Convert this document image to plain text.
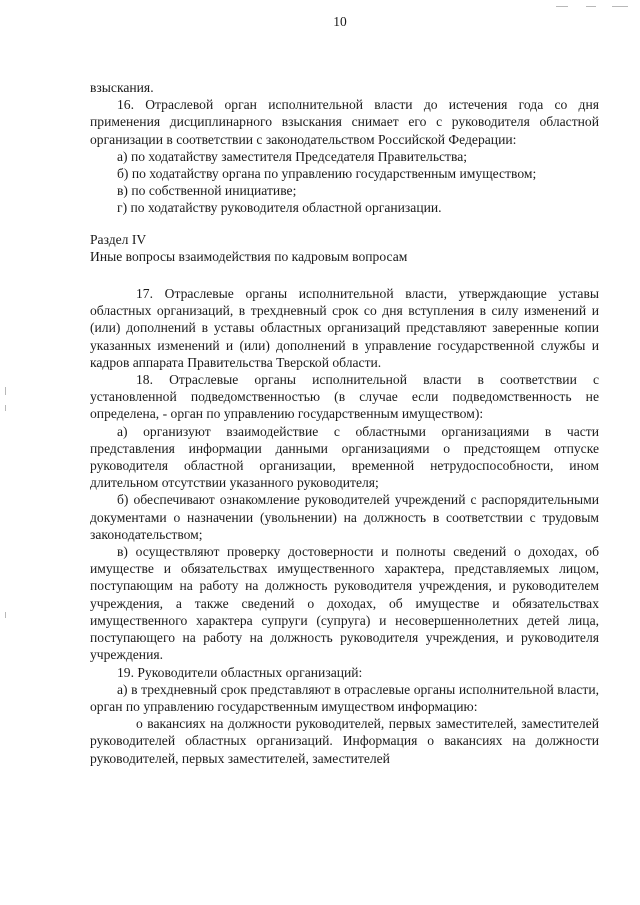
10

взыскания.

16. Отраслевой орган исполнительной власти до истечения года со дня применения дисциплинарного взыскания снимает его с руководителя областной организации в соответствии с законодательством Российской Федерации:

а) по ходатайству заместителя Председателя Правительства;

б) по ходатайству органа по управлению государственным имуществом;

в) по собственной инициативе;

г) по ходатайству руководителя областной организации.

Раздел IV

Иные вопросы взаимодействия по кадровым вопросам

17. Отраслевые органы исполнительной власти, утверждающие уставы областных организаций, в трехдневный срок со дня вступления в силу изменений и (или) дополнений в уставы областных организаций представляют заверенные копии указанных изменений и (или) дополнений в управление государственной службы и кадров аппарата Правительства Тверской области.

18. Отраслевые органы исполнительной власти в соответствии с установленной подведомственностью (в случае если подведомственность не определена, - орган по управлению государственным имуществом):

а) организуют взаимодействие с областными организациями в части представления информации данными организациями о предстоящем отпуске руководителя областной организации, временной нетрудоспособности, ином длительном отсутствии указанного руководителя;

б) обеспечивают ознакомление руководителей учреждений с распорядительными документами о назначении (увольнении) на должность в соответствии с трудовым законодательством;

в) осуществляют проверку достоверности и полноты сведений о доходах, об имуществе и обязательствах имущественного характера, представляемых лицом, поступающим на работу на должность руководителя учреждения, и руководителем учреждения, а также сведений о доходах, об имуществе и обязательствах имущественного характера супруги (супруга) и несовершеннолетних детей лица, поступающего на работу на должность руководителя учреждения, и руководителя учреждения.

19. Руководители областных организаций:

а) в трехдневный срок представляют в отраслевые органы исполнительной власти, орган по управлению государственным имуществом информацию:

о вакансиях на должности руководителей, первых заместителей, заместителей руководителей областных организаций. Информация о вакансиях на должности руководителей, первых заместителей, заместителей
